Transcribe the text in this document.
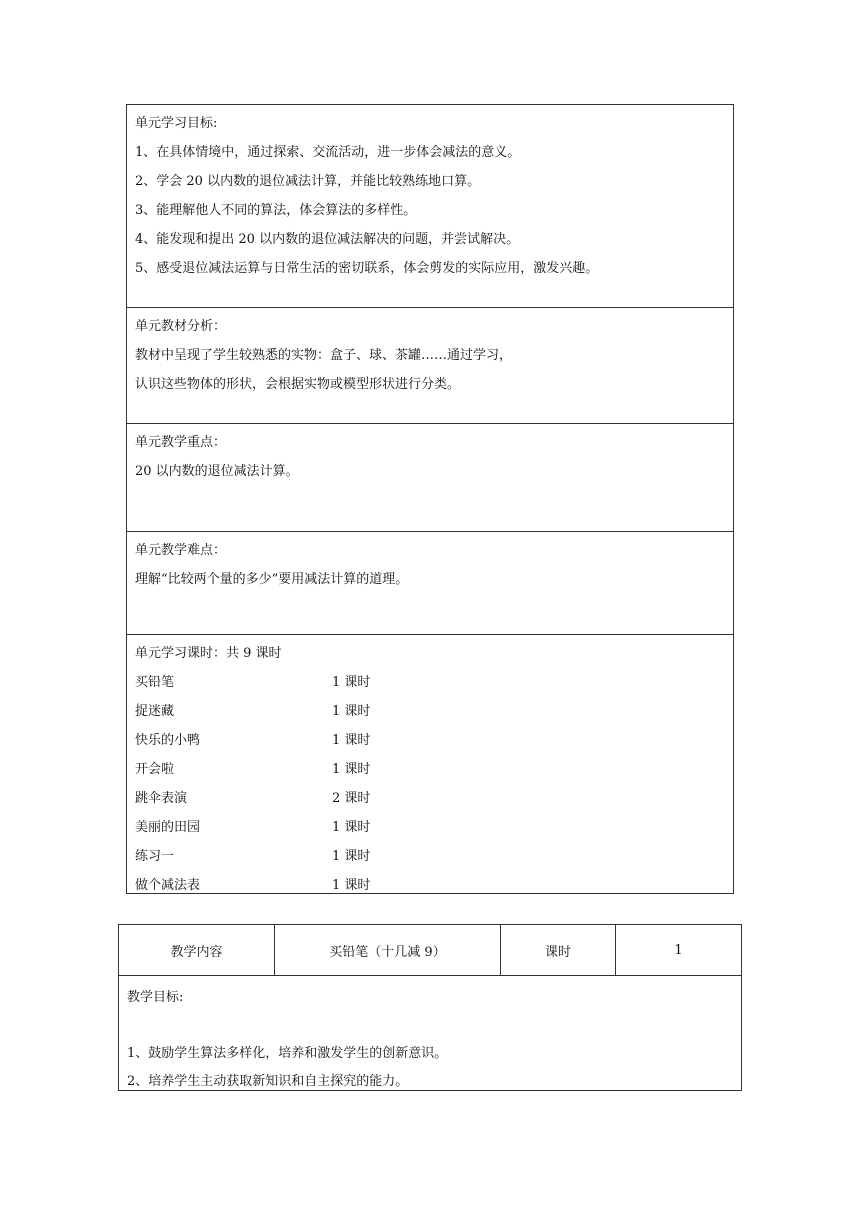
单元学习目标:
1、在具体情境中，通过探索、交流活动，进一步体会减法的意义。
2、学会 20 以内数的退位减法计算，并能比较熟练地口算。
3、能理解他人不同的算法，体会算法的多样性。
4、能发现和提出 20 以内数的退位减法解决的问题，并尝试解决。
5、感受退位减法运算与日常生活的密切联系，体会剪发的实际应用，激发兴趣。
单元教材分析：
教材中呈现了学生较熟悉的实物：盒子、球、茶罐……通过学习，
认识这些物体的形状，会根据实物或模型形状进行分类。
单元教学重点：
20 以内数的退位减法计算。
单元教学难点：
理解“比较两个量的多少”要用减法计算的道理。
单元学习课时：共 9 课时
买铅笔	1 课时
捉迷藏	1 课时
快乐的小鸭	1 课时
开会啦	1 课时
跳伞表演	2 课时
美丽的田园	1 课时
练习一	1 课时
做个减法表	1 课时
教学内容	买铅笔（十几减 9）	课时	1
教学目标:
1、鼓励学生算法多样化，培养和激发学生的创新意识。
2、培养学生主动获取新知识和自主探究的能力。
